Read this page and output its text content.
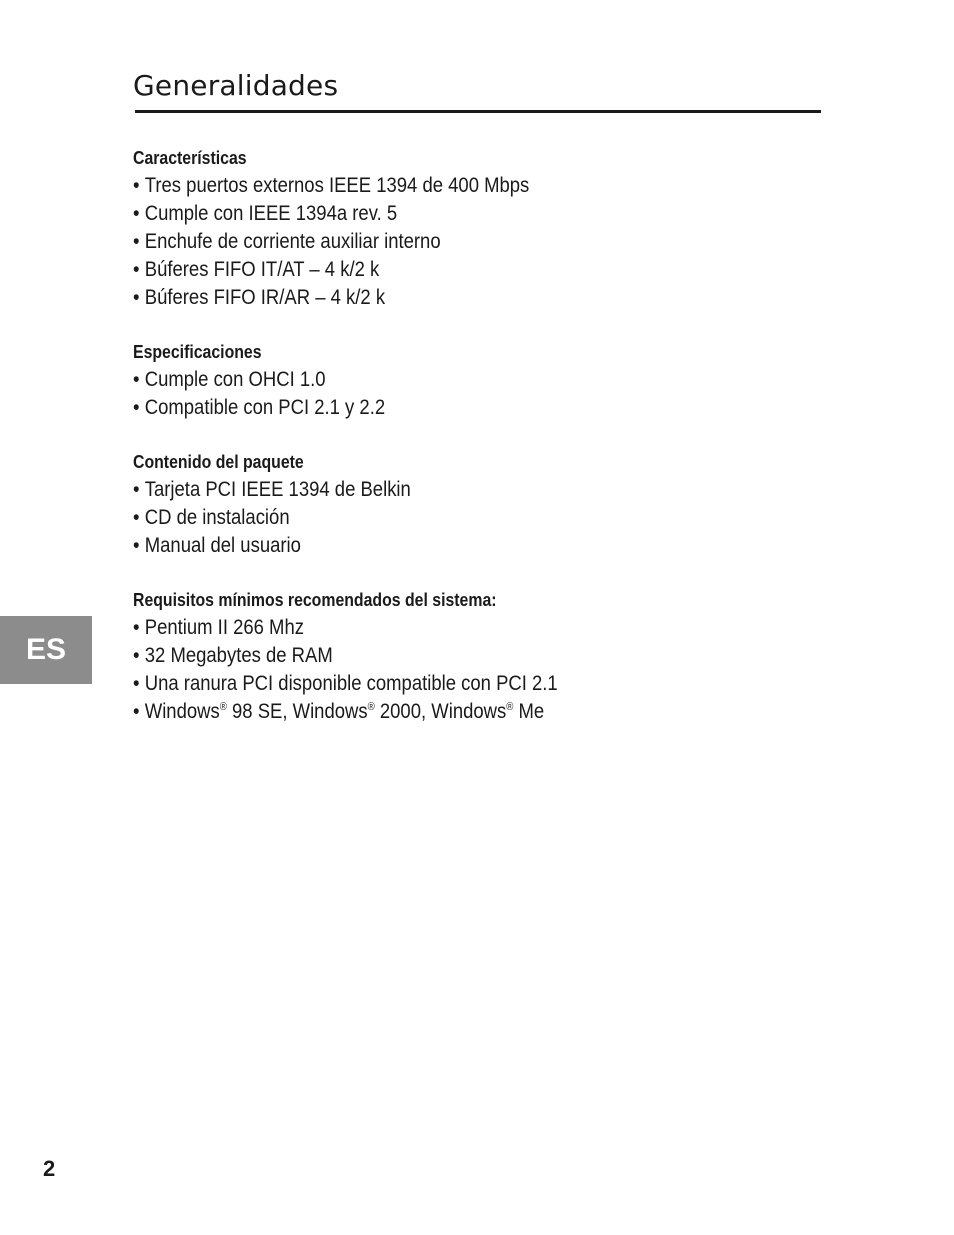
Generalidades
Características
• Tres puertos externos IEEE 1394 de 400 Mbps
• Cumple con IEEE 1394a rev. 5
• Enchufe de corriente auxiliar interno
• Búferes FIFO IT/AT – 4 k/2 k
• Búferes FIFO IR/AR – 4 k/2 k
Especificaciones
• Cumple con OHCI 1.0
• Compatible con PCI 2.1 y 2.2
Contenido del paquete
• Tarjeta PCI IEEE 1394 de Belkin
• CD de instalación
• Manual del usuario
Requisitos mínimos recomendados del sistema:
• Pentium II 266 Mhz
• 32 Megabytes de RAM
• Una ranura PCI disponible compatible con PCI 2.1
• Windows® 98 SE, Windows® 2000, Windows® Me
ES
2
